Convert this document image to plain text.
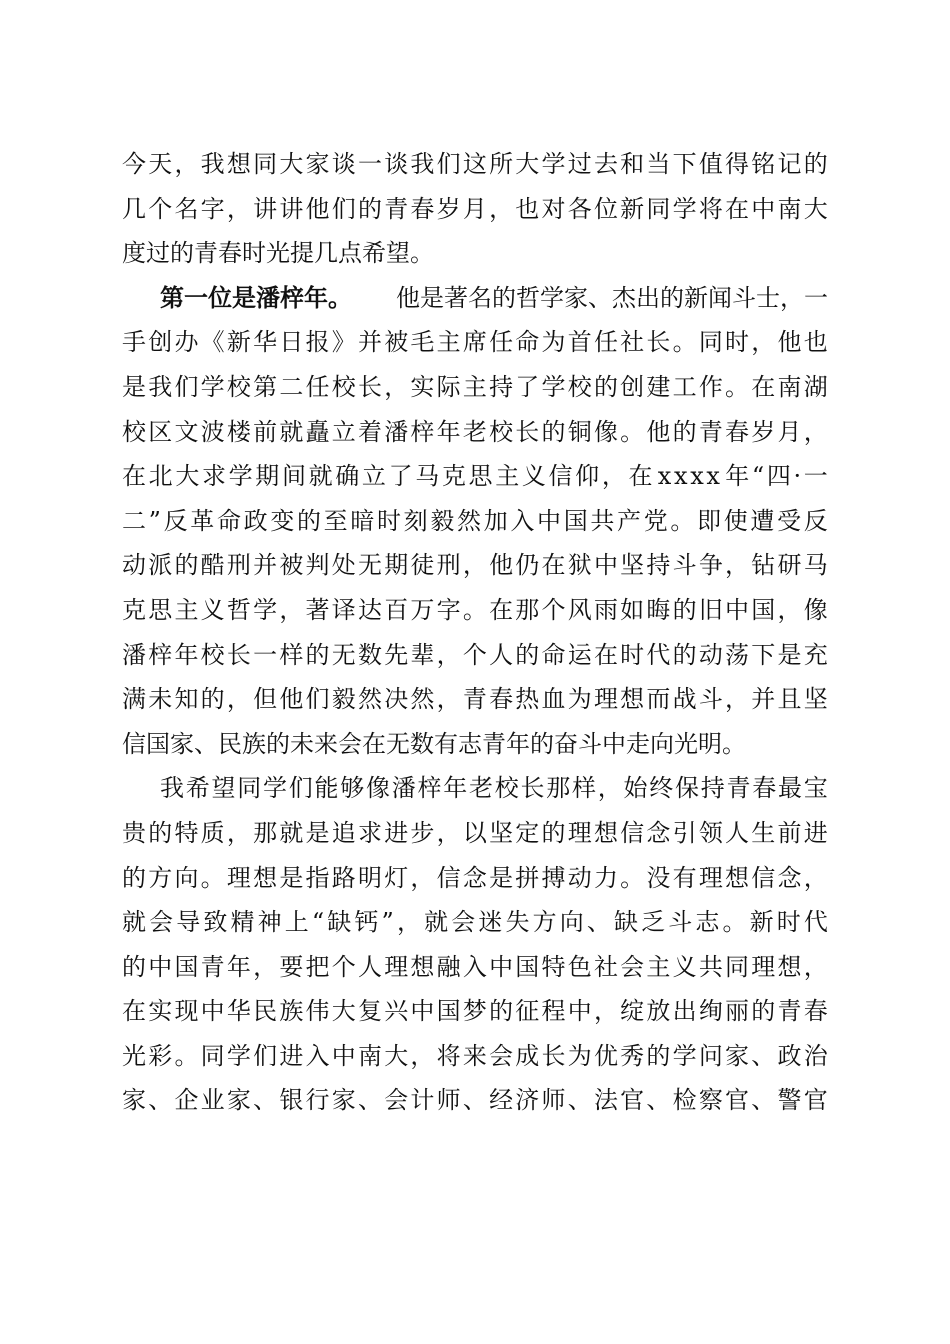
今 天 ， 我 想 同 大 家 谈 一 谈 我 们 这 所 大 学 过 去 和 当 下 值 得 铭 记 的
几 个 名 字 ， 讲 讲 他 们 的 青 春 岁 月 ， 也 对 各 位 新 同 学 将 在 中 南 大
度过的青春时光提几点希望。
第一位是潘梓年。 他是著名的哲学家、杰出的新闻斗士，一
手 创 办 《 新 华 日 报 》 并 被 毛 主 席 任 命 为 首 任 社 长 。 同 时 ， 他 也
是 我 们 学 校 第 二 任 校 长 ， 实 际 主 持 了 学 校 的 创 建 工 作 。 在 南 湖
校 区 文 波 楼 前 就 矗 立 着 潘 梓 年 老 校 长 的 铜 像 。 他 的 青 春 岁 月 ，
在 北 大 求 学 期 间 就 确 立 了 马 克 思 主 义 信 仰 ， 在 x x x x 年 “ 四 · 一
二 ” 反 革 命 政 变 的 至 暗 时 刻 毅 然 加 入 中 国 共 产 党 。 即 使 遭 受 反
动 派 的 酷 刑 并 被 判 处 无 期 徒 刑 ， 他 仍 在 狱 中 坚 持 斗 争 ， 钻 研 马
克 思 主 义 哲 学 ， 著 译 达 百 万 字 。 在 那 个 风 雨 如 晦 的 旧 中 国 ， 像
潘 梓 年 校 长 一 样 的 无 数 先 辈 ， 个 人 的 命 运 在 时 代 的 动 荡 下 是 充
满 未 知 的 ， 但 他 们 毅 然 决 然 ， 青 春 热 血 为 理 想 而 战 斗 ， 并 且 坚
信国家、民族的未来会在无数有志青年的奋斗中走向光明。
我 希 望 同 学 们 能 够 像 潘 梓 年 老 校 长 那 样 ， 始 终 保 持 青 春 最 宝
贵 的 特 质 ， 那 就 是 追 求 进 步 ， 以 坚 定 的 理 想 信 念 引 领 人 生 前 进
的 方 向 。 理 想 是 指 路 明 灯 ， 信 念 是 拼 搏 动 力 。 没 有 理 想 信 念 ，
就 会 导 致 精 神 上 “ 缺 钙 ” ， 就 会 迷 失 方 向 、 缺 乏 斗 志 。 新 时 代
的 中 国 青 年 ， 要 把 个 人 理 想 融 入 中 国 特 色 社 会 主 义 共 同 理 想 ，
在 实 现 中 华 民 族 伟 大 复 兴 中 国 梦 的 征 程 中 ， 绽 放 出 绚 丽 的 青 春
光 彩 。 同 学 们 进 入 中 南 大 ， 将 来 会 成 长 为 优 秀 的 学 问 家 、 政 治
家 、 企 业 家 、 银 行 家 、 会 计 师 、 经 济 师 、 法 官 、 检 察 官 、 警 官
